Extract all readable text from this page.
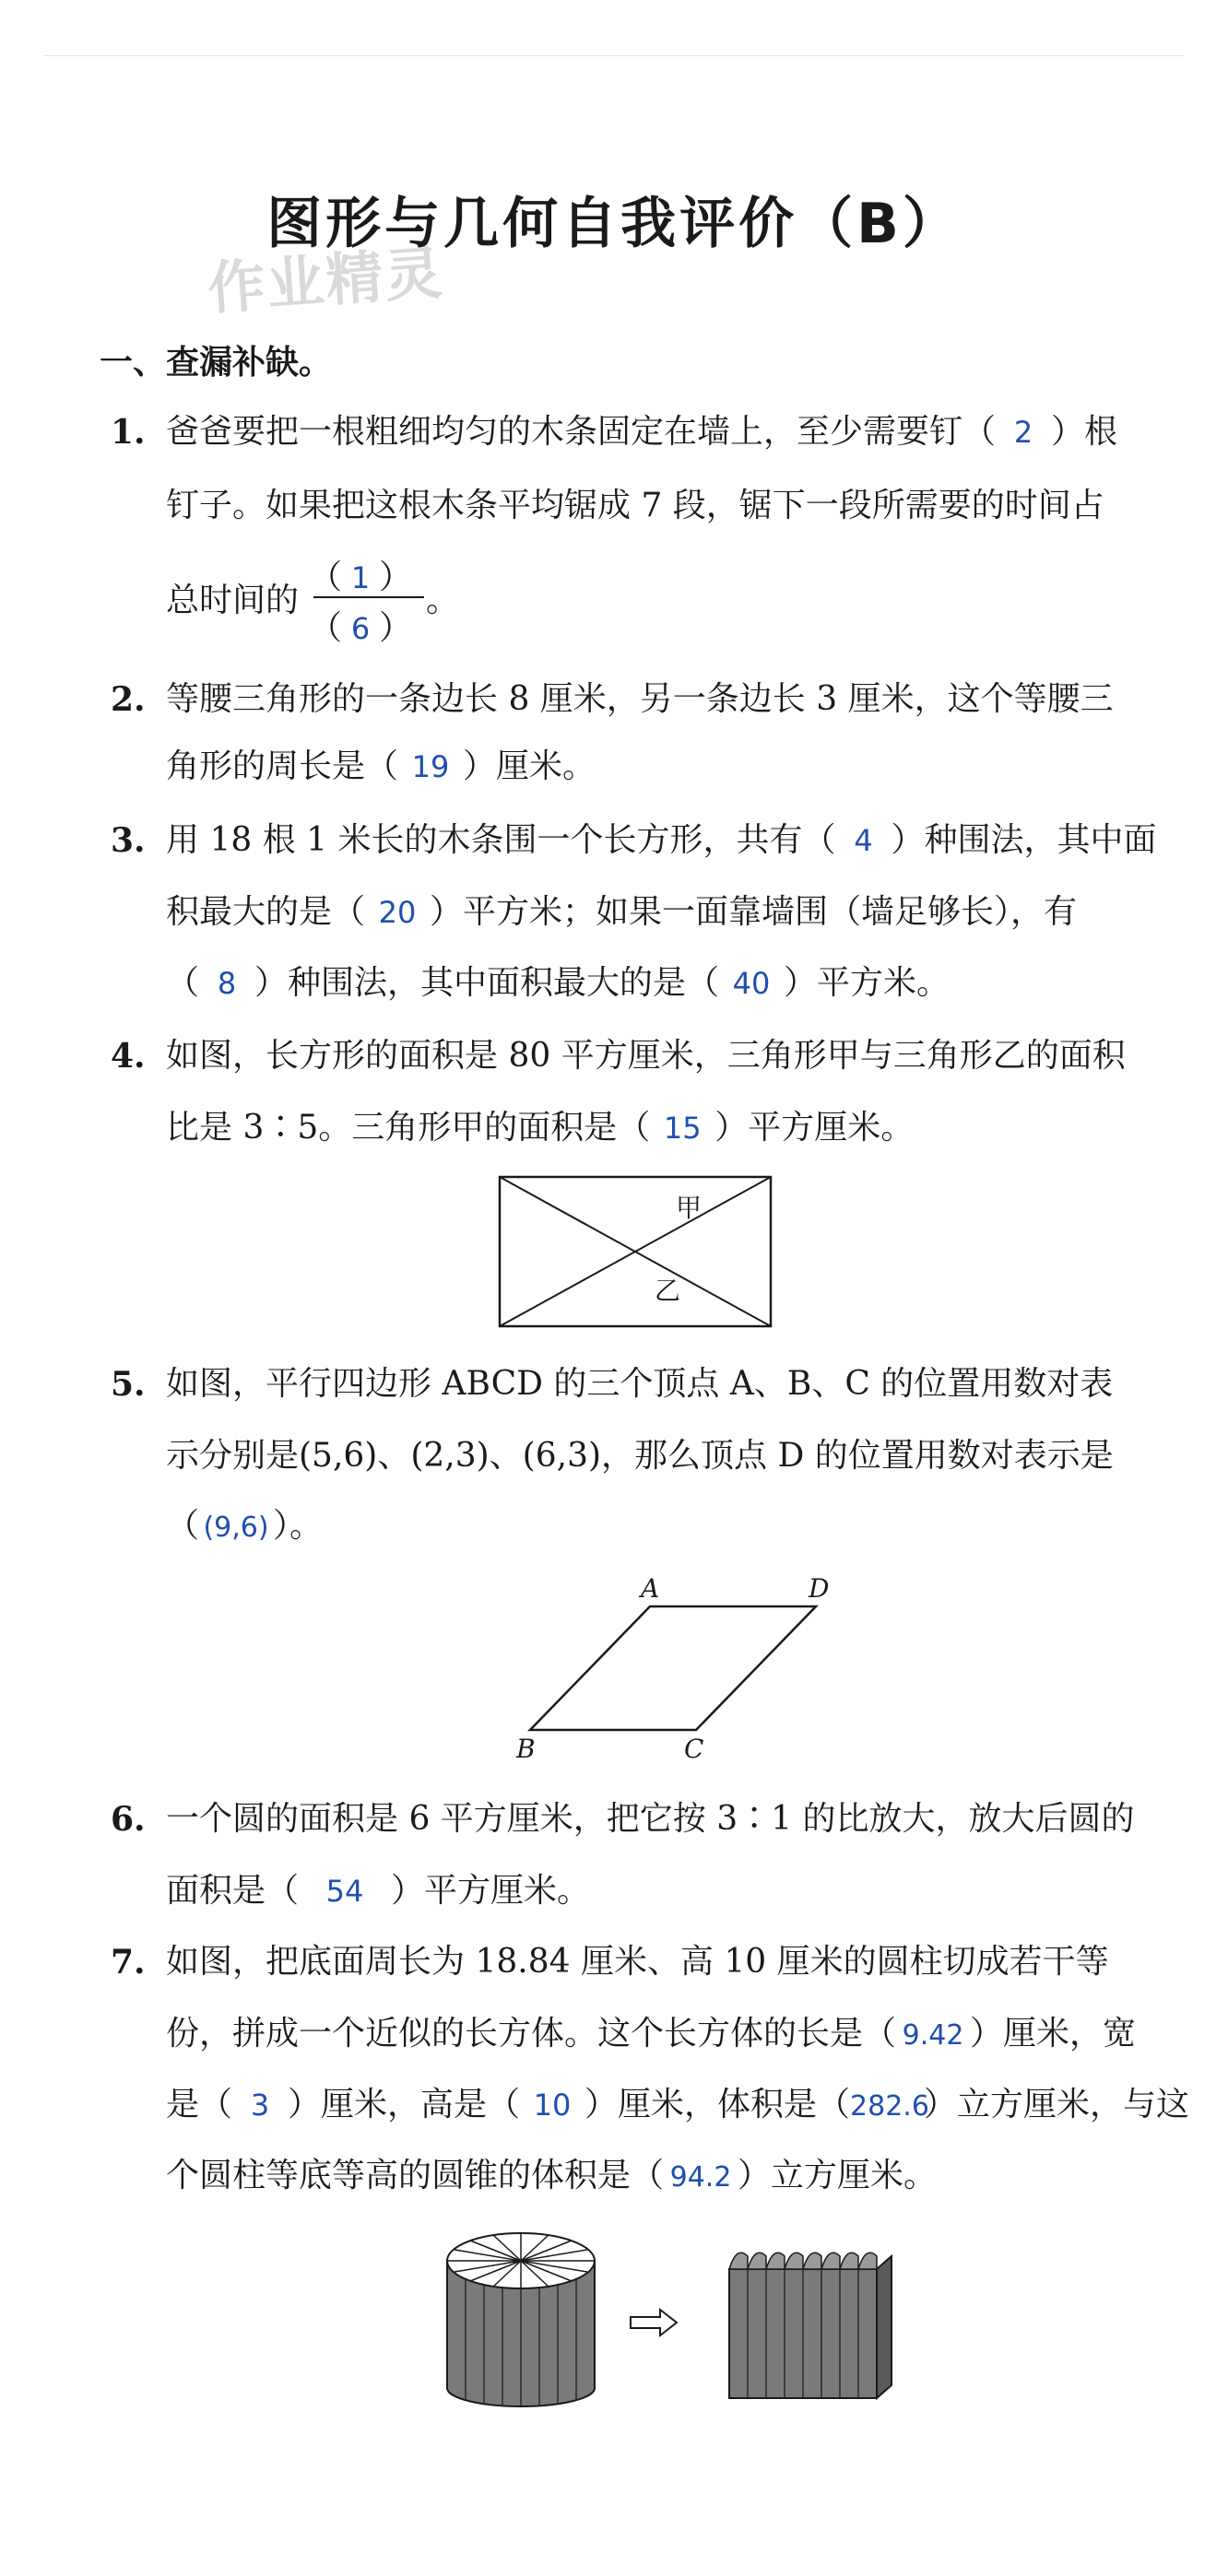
图形与几何自我评价（B）
作业精灵
一、查漏补缺。
1. 爸爸要把一根粗细均匀的木条固定在墙上，至少需要钉（ 2 ）根
钉子。如果把这根木条平均锯成 7 段，锯下一段所需要的时间占
总时间的
（ 1 ）
（ 6 ）
。
2. 等腰三角形的一条边长 8 厘米，另一条边长 3 厘米，这个等腰三
角形的周长是（ 19 ）厘米。
3. 用 18 根 1 米长的木条围一个长方形，共有（ 4 ）种围法，其中面
积最大的是（ 20 ）平方米；如果一面靠墙围（墙足够长），有
（ 8 ）种围法，其中面积最大的是（ 40 ）平方米。
4. 如图，长方形的面积是 80 平方厘米，三角形甲与三角形乙的面积
比是 3∶5。三角形甲的面积是（ 15 ）平方厘米。
甲
乙
5. 如图，平行四边形 ABCD 的三个顶点 A、B、C 的位置用数对表
示分别是(5,6)、(2,3)、(6,3)，那么顶点 D 的位置用数对表示是
（ (9,6) ）。
A	D
B	C
6. 一个圆的面积是 6 平方厘米，把它按 3∶1 的比放大，放大后圆的
面积是（ 54 ）平方厘米。
7. 如图，把底面周长为 18.84 厘米、高 10 厘米的圆柱切成若干等
份，拼成一个近似的长方体。这个长方体的长是（ 9.42 ）厘米，宽
是（ 3 ）厘米，高是（ 10 ）厘米，体积是（282.6）立方厘米，与这
个圆柱等底等高的圆锥的体积是（ 94.2 ）立方厘米。
